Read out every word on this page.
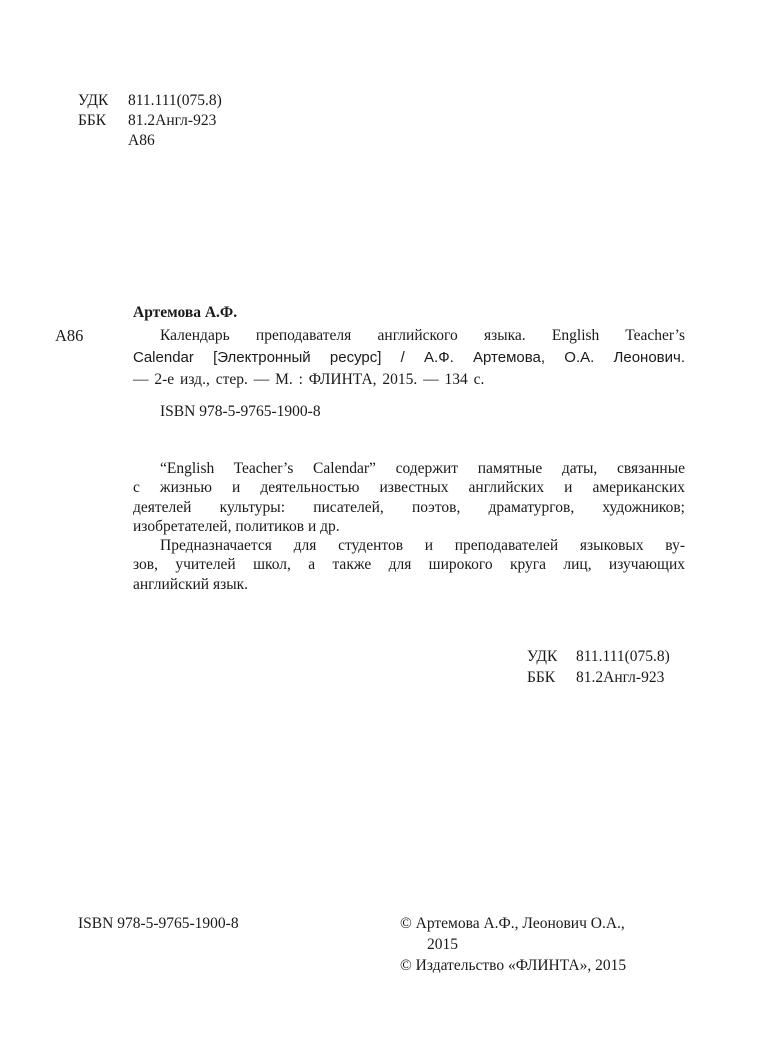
УДК 811.111(075.8)
ББК 81.2Англ-923
А86
Артемова А.Ф.
А86	Календарь преподавателя английского языка. English Teacher’s
Calendar [Электронный ресурс] / А.Ф. Артемова, О.А. Леонович.
— 2-е изд., стер. — М. : ФЛИНТА, 2015. — 134 с.
ISBN 978-5-9765-1900-8
“English Teacher’s Calendar” содержит памятные даты, связанные
с жизнью и деятельностью известных английских и американских
деятелей культуры: писателей, поэтов, драматургов, художников;
изобретателей, политиков и др.
Предназначается для студентов и преподавателей языковых ву-
зов, учителей школ, а также для широкого круга лиц, изучающих
английский язык.
УДК 811.111(075.8)
ББК 81.2Англ-923
ISBN 978-5-9765-1900-8	© Артемова А.Ф., Леонович О.А.,
2015
© Издательство «ФЛИНТА», 2015
